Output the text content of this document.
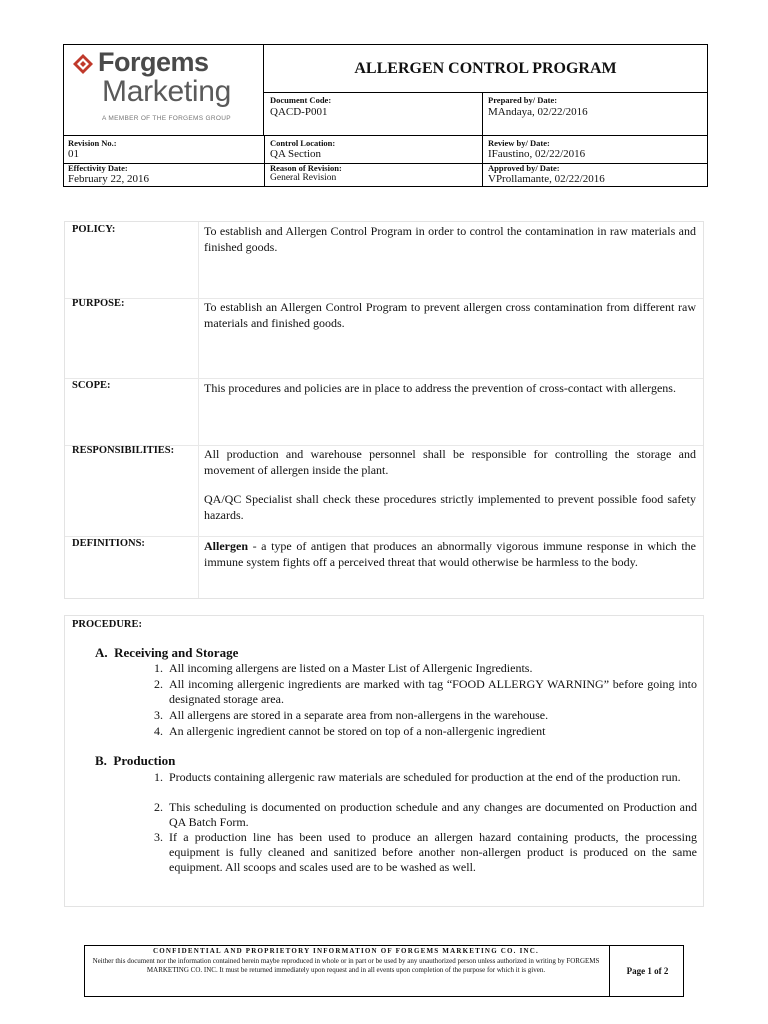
Forgems
Marketing
A MEMBER OF THE FORGEMS GROUP
ALLERGEN CONTROL PROGRAM
Document Code:
QACD-P001
Prepared by/ Date:
MAndaya, 02/22/2016
Revision No.:
01
Control Location:
QA Section
Review by/ Date:
IFaustino, 02/22/2016
Effectivity Date:
February 22, 2016
Reason of Revision:
General Revision
Approved by/ Date:
VProllamante, 02/22/2016
POLICY:	To establish and Allergen Control Program in order to control the contamination in raw materials and finished goods.
PURPOSE:	To establish an Allergen Control Program to prevent allergen cross contamination from different raw materials and finished goods.
SCOPE:	This procedures and policies are in place to address the prevention of cross-contact with allergens.
RESPONSIBILITIES: All production and warehouse personnel shall be responsible for controlling the storage and movement of allergen inside the plant.
QA/QC Specialist shall check these procedures strictly implemented to prevent possible food safety hazards.
DEFINITIONS:	Allergen - a type of antigen that produces an abnormally vigorous immune response in which the immune system fights off a perceived threat that would otherwise be harmless to the body.
PROCEDURE:
A.  Receiving and Storage
1. All incoming allergens are listed on a Master List of Allergenic Ingredients.
2. All incoming allergenic ingredients are marked with tag “FOOD ALLERGY WARNING” before going into designated storage area.
3. All allergens are stored in a separate area from non-allergens in the warehouse.
4. An allergenic ingredient cannot be stored on top of a non-allergenic ingredient
B.  Production
1. Products containing allergenic raw materials are scheduled for production at the end of the production run.
2. This scheduling is documented on production schedule and any changes are documented on Production and QA Batch Form.
3. If a production line has been used to produce an allergen hazard containing products, the processing equipment is fully cleaned and sanitized before another non-allergen product is produced on the same equipment. All scoops and scales used are to be washed as well.
CONFIDENTIAL AND PROPRIETORY INFORMATION OF FORGEMS MARKETING CO. INC.
Neither this document nor the information contained herein maybe reproduced in whole or in part or be used by any unauthorized person unless authorized in writing by FORGEMS MARKETING CO. INC. It must be returned immediately upon request and in all events upon completion of the purpose for which it is given.	Page 1 of 2
